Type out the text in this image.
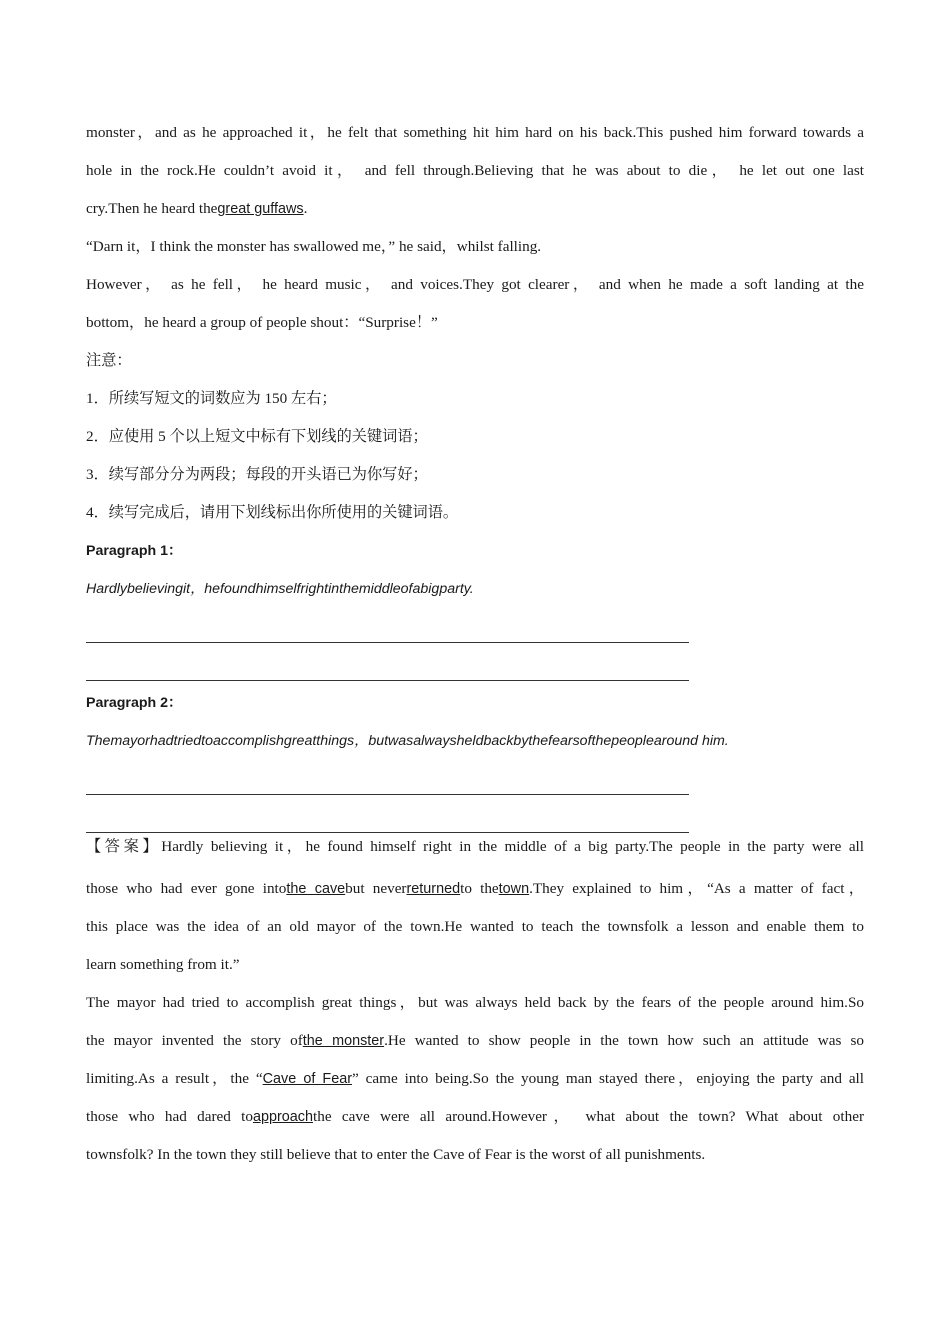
monster，and as he approached it，he felt that something hit him hard on his back.This pushed him forward towards a
hole in the rock.He couldn’t avoid it， and fell through.Believing that he was about to die， he let out one last
cry.Then he heard thegreat guffaws.
“Darn it，I think the monster has swallowed me，” he said，whilst falling.
However， as he fell， he heard music， and voices.They got clearer， and when he made a soft landing at the
bottom，he heard a group of people shout：“Surprise！”
注意：
1．所续写短文的词数应为 150 左右；
2．应使用 5 个以上短文中标有下划线的关键词语；
3．续写部分分为两段；每段的开头语已为你写好；
4．续写完成后，请用下划线标出你所使用的关键词语。
Paragraph 1：
Hardlybelievingit，hefoundhimselfrightinthemiddleofabigparty.
Paragraph 2：
Themayorhadtriedtoaccomplishgreatthings，butwasalwaysheldbackbythefearsofthepeoplearound him.
【答案】Hardly believing it，he found himself right in the middle of a big party.The people in the party were all
those who had ever gone intothe cavebut neverreturnedto thetown.They explained to him，“As a matter of fact，
this place was the idea of an old mayor of the town.He wanted to teach the townsfolk a lesson and enable them to
learn something from it.”
The mayor had tried to accomplish great things，but was always held back by the fears of the people around him.So
the mayor invented the story ofthe monster.He wanted to show people in the town how such an attitude was so
limiting.As a result，the “Cave of Fear” came into being.So the young man stayed there，enjoying the party and all
those who had dared toapproachthe cave were all around.However， what about the town? What about other
townsfolk? In the town they still believe that to enter the Cave of Fear is the worst of all punishments.
